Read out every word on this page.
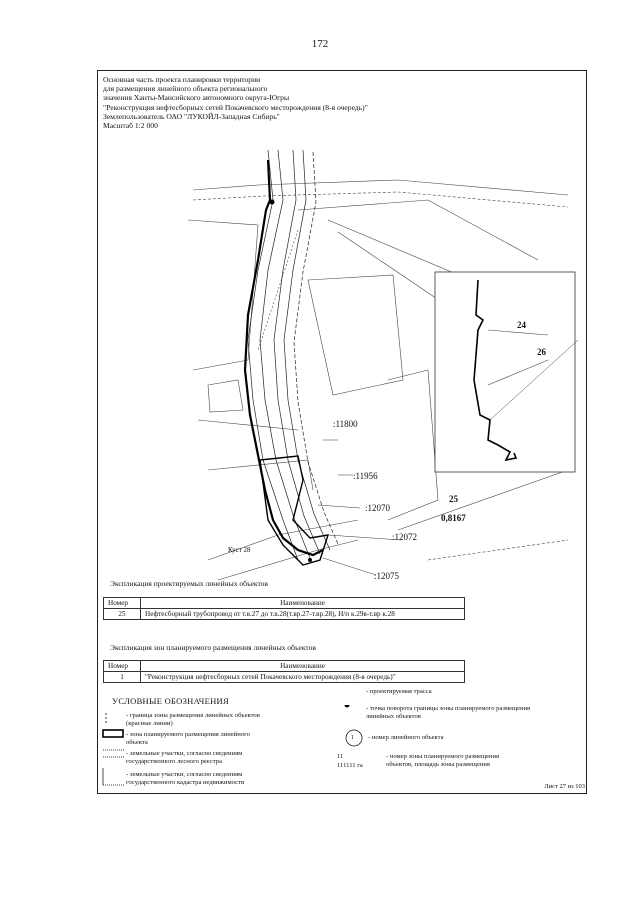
172
Основная часть проекта планировки территории
для размещения линейного объекта регионального
значения Ханты-Мансийского автономного округа-Югры
"Реконструкция нефтесборных сетей Покачевского месторождения (8-я очередь)"
Землепользователь ОАО "ЛУКОЙЛ-Западная Сибирь"
Масштаб 1:2 000
:11800
:11956
:12070
:12072
:12075
Куст 28
25
0,8167
24
26
Экспликация проектируемых линейных объектов
Номер	Наименование
25	Нефтесборный трубопровод от т.в.27 до т.в.28(т.вр.27-т.вр.28), Н/п к.29в-т.вр к.28
Экспликация зон планируемого размещения линейных объектов
Номер	Наименование
1	"Реконструкция нефтесборных сетей Покачевского месторождения (8-я очередь)"
УСЛОВНЫЕ ОБОЗНАЧЕНИЯ
- граница зоны размещения линейных объектов (красные линии)
- зона планируемого размещения линейного объекта
- земельные участки, согласно сведениям государственного лесного реестра
- земельные участки, согласно сведениям государственного кадастра недвижимости
- проектируемая трасса
- точка поворота границы зоны планируемого размещения линейных объектов
- номер линейного объекта
1
11
111111 га
- номер зоны планируемого размещения объектов, площадь зоны размещения
Лист 27 из 103
